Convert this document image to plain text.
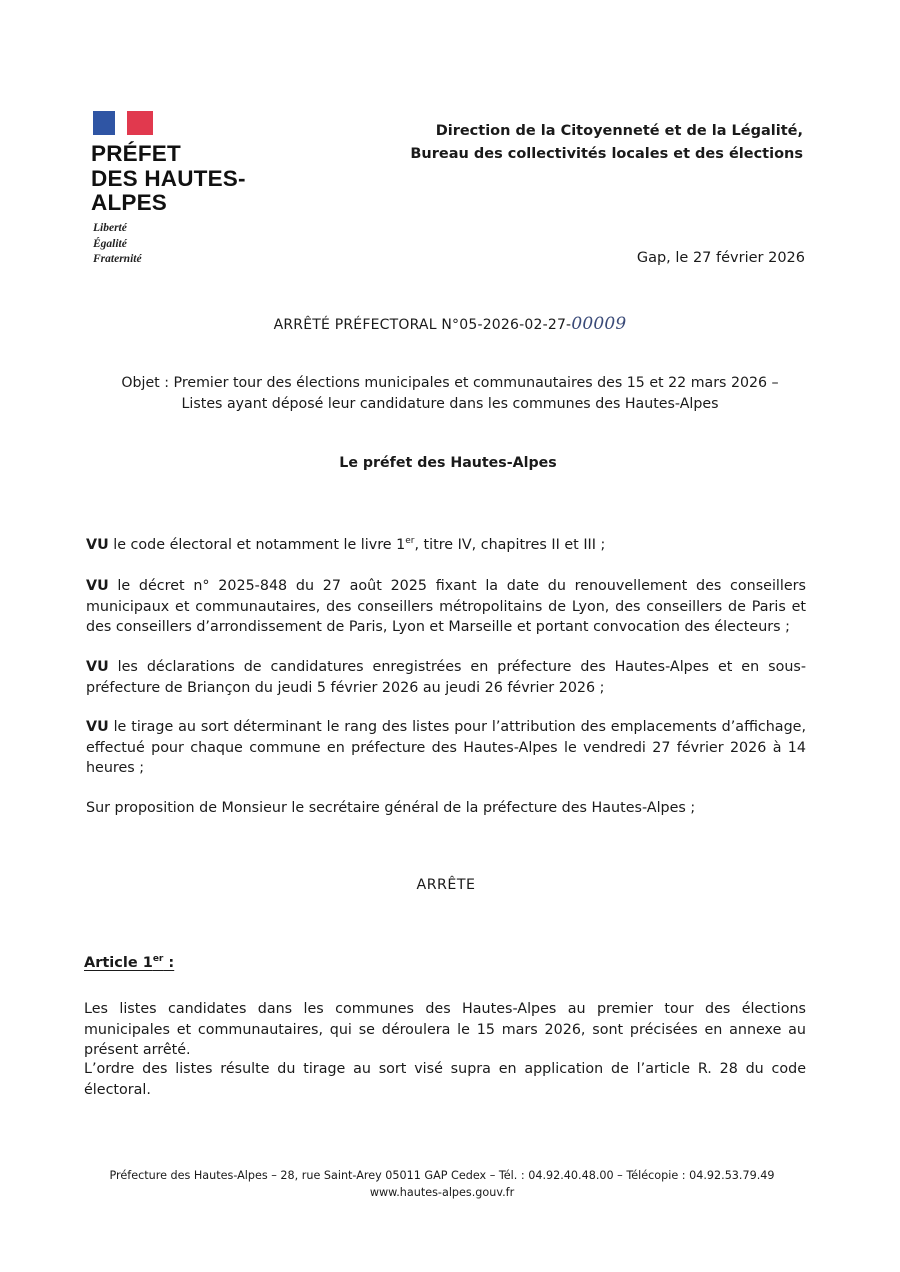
PRÉFET
DES HAUTES-
ALPES
Liberté
Égalité
Fraternité
Direction de la Citoyenneté et de la Légalité,
Bureau des collectivités locales et des élections
Gap, le 27 février 2026
ARRÊTÉ PRÉFECTORAL N°05-2026-02-27-00009
Objet : Premier tour des élections municipales et communautaires des 15 et 22 mars 2026 –
Listes ayant déposé leur candidature dans les communes des Hautes-Alpes
Le préfet des Hautes-Alpes
VU le code électoral et notamment le livre 1er, titre IV, chapitres II et III ;
VU le décret n° 2025-848 du 27 août 2025 fixant la date du renouvellement des conseillers municipaux et communautaires, des conseillers métropolitains de Lyon, des conseillers de Paris et des conseillers d’arrondissement de Paris, Lyon et Marseille et portant convocation des électeurs ;
VU les déclarations de candidatures enregistrées en préfecture des Hautes-Alpes et en sous-préfecture de Briançon du jeudi 5 février 2026 au jeudi 26 février 2026 ;
VU le tirage au sort déterminant le rang des listes pour l’attribution des emplacements d’affichage, effectué pour chaque commune en préfecture des Hautes-Alpes le vendredi 27 février 2026 à 14 heures ;
Sur proposition de Monsieur le secrétaire général de la préfecture des Hautes-Alpes ;
ARRÊTE
Article 1er :
Les listes candidates dans les communes des Hautes-Alpes au premier tour des élections municipales et communautaires, qui se déroulera le 15 mars 2026, sont précisées en annexe au présent arrêté.
L’ordre des listes résulte du tirage au sort visé supra en application de l’article R. 28 du code électoral.
Préfecture des Hautes-Alpes – 28, rue Saint-Arey 05011 GAP Cedex – Tél. : 04.92.40.48.00 – Télécopie : 04.92.53.79.49
www.hautes-alpes.gouv.fr
